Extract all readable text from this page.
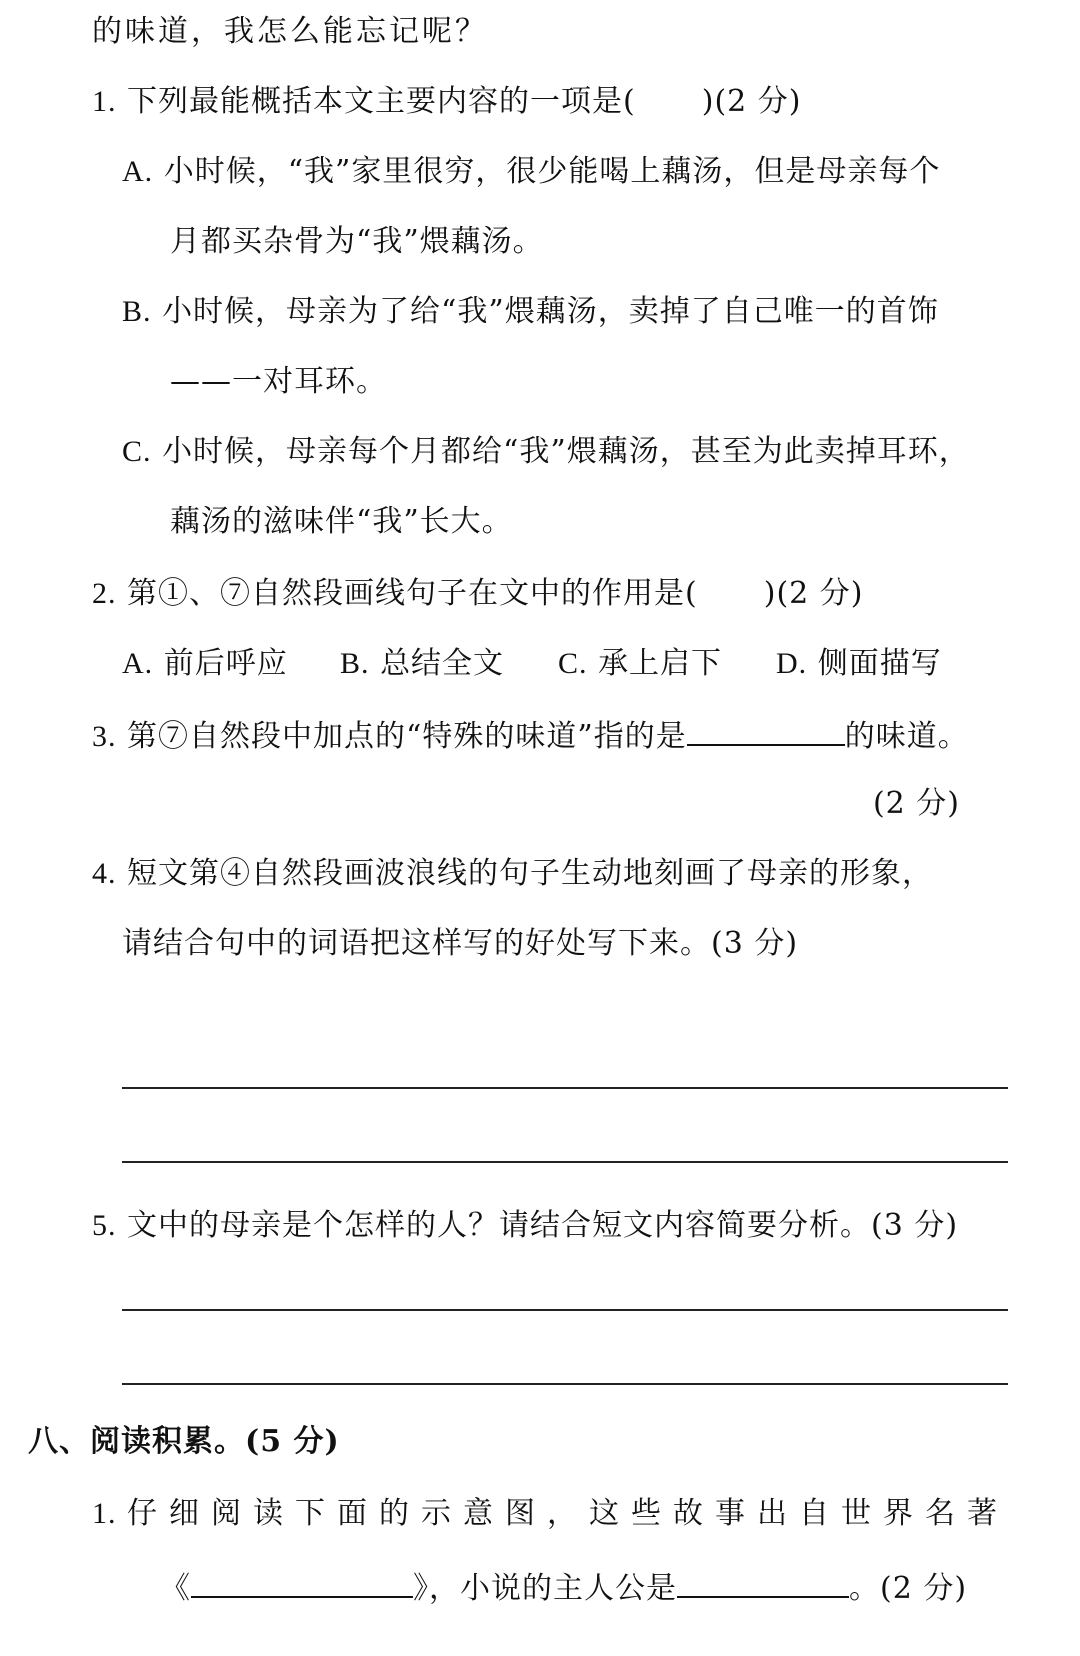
的味道，我怎么能忘记呢？
1. 下列最能概括本文主要内容的一项是( )(2 分)
A. 小时候，“我”家里很穷，很少能喝上藕汤，但是母亲每个
月都买杂骨为“我”煨藕汤。
B. 小时候，母亲为了给“我”煨藕汤，卖掉了自己唯一的首饰
——一对耳环。
C. 小时候，母亲每个月都给“我”煨藕汤，甚至为此卖掉耳环，
藕汤的滋味伴“我”长大。
2. 第①、⑦自然段画线句子在文中的作用是( )(2 分)
A. 前后呼应 B. 总结全文 C. 承上启下 D. 侧面描写
3. 第⑦自然段中加点的“特殊的味道”指的是	的味道。
(2 分)
4. 短文第④自然段画波浪线的句子生动地刻画了母亲的形象，
请结合句中的词语把这样写的好处写下来。(3 分)
5. 文中的母亲是个怎样的人？请结合短文内容简要分析。(3 分)
八、阅读积累。(5 分)
1. 仔细阅读下面的示意图，这些故事出自世界名著
《	》，小说的主人公是	。(2 分)
